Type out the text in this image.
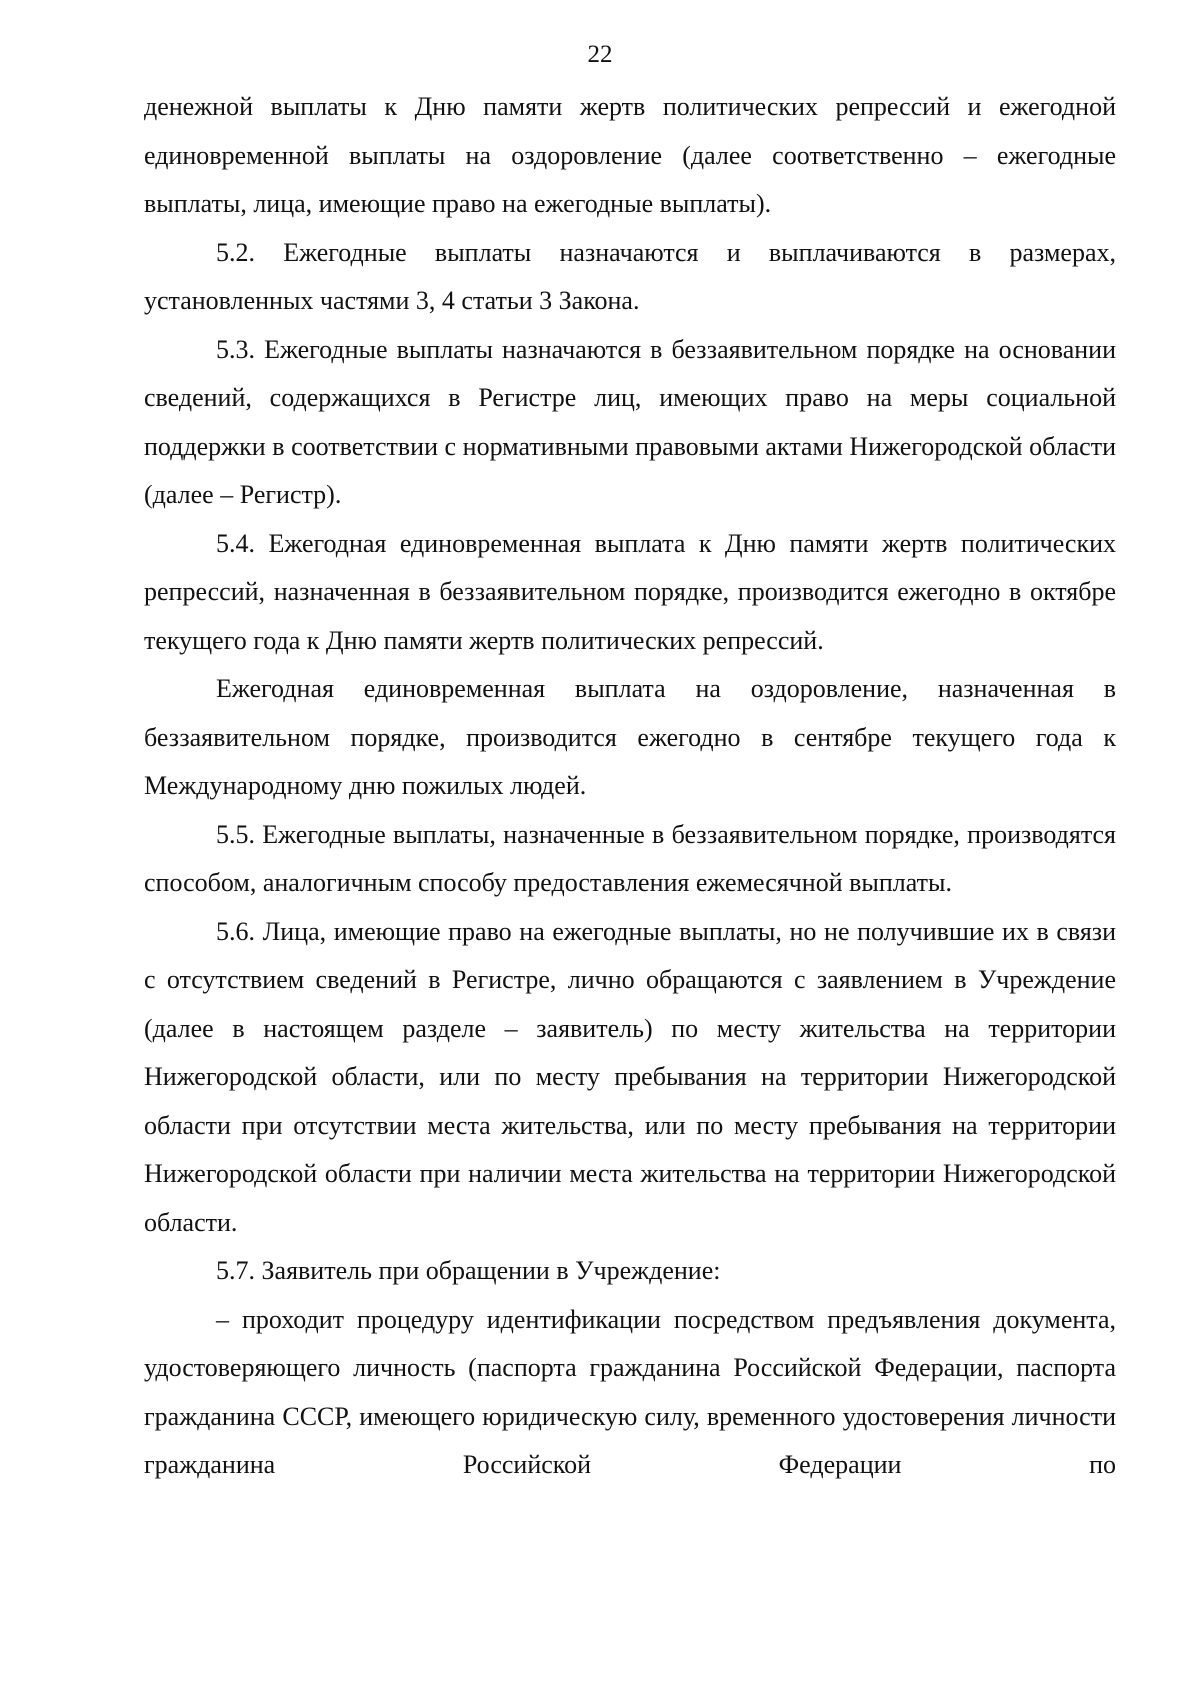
22

денежной выплаты к Дню памяти жертв политических репрессий и ежегодной единовременной выплаты на оздоровление (далее соответственно – ежегодные выплаты, лица, имеющие право на ежегодные выплаты).

5.2. Ежегодные выплаты назначаются и выплачиваются в размерах, установленных частями 3, 4 статьи 3 Закона.

5.3. Ежегодные выплаты назначаются в беззаявительном порядке на основании сведений, содержащихся в Регистре лиц, имеющих право на меры социальной поддержки в соответствии с нормативными правовыми актами Нижегородской области (далее – Регистр).

5.4. Ежегодная единовременная выплата к Дню памяти жертв политических репрессий, назначенная в беззаявительном порядке, производится ежегодно в октябре текущего года к Дню памяти жертв политических репрессий.

Ежегодная единовременная выплата на оздоровление, назначенная в беззаявительном порядке, производится ежегодно в сентябре текущего года к Международному дню пожилых людей.

5.5. Ежегодные выплаты, назначенные в беззаявительном порядке, производятся способом, аналогичным способу предоставления ежемесячной выплаты.

5.6. Лица, имеющие право на ежегодные выплаты, но не получившие их в связи с отсутствием сведений в Регистре, лично обращаются с заявлением в Учреждение (далее в настоящем разделе – заявитель) по месту жительства на территории Нижегородской области, или по месту пребывания на территории Нижегородской области при отсутствии места жительства, или по месту пребывания на территории Нижегородской области при наличии места жительства на территории Нижегородской области.

5.7. Заявитель при обращении в Учреждение:

– проходит процедуру идентификации посредством предъявления документа, удостоверяющего личность (паспорта гражданина Российской Федерации, паспорта гражданина СССР, имеющего юридическую силу, временного удостоверения личности гражданина Российской Федерации по
